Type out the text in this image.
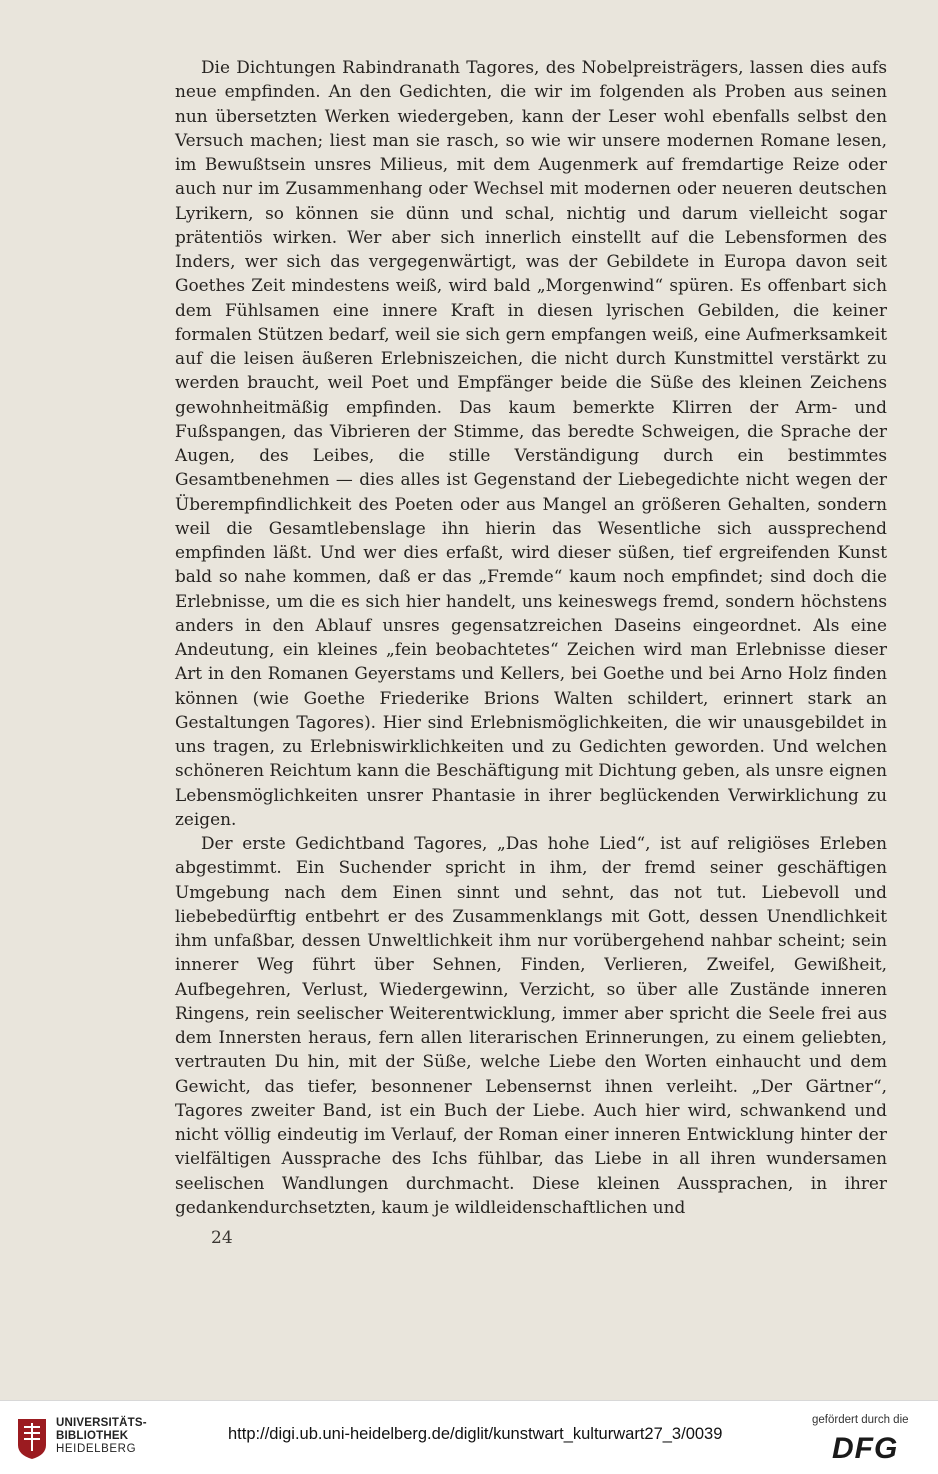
Die Dichtungen Rabindranath Tagores, des Nobelpreisträgers, lassen dies aufs neue empfinden. An den Gedichten, die wir im folgenden als Proben aus seinen nun übersetzten Werken wiedergeben, kann der Leser wohl ebenfalls selbst den Versuch machen; liest man sie rasch, so wie wir unsere modernen Romane lesen, im Bewußtsein unsres Milieus, mit dem Augenmerk auf fremdartige Reize oder auch nur im Zusammenhang oder Wechsel mit modernen oder neueren deutschen Lyrikern, so können sie dünn und schal, nichtig und darum vielleicht sogar prätentiös wirken. Wer aber sich innerlich einstellt auf die Lebensformen des Inders, wer sich das vergegenwärtigt, was der Gebildete in Europa davon seit Goethes Zeit mindestens weiß, wird bald „Morgenwind“ spüren. Es offenbart sich dem Fühlsamen eine innere Kraft in diesen lyrischen Gebilden, die keiner formalen Stützen bedarf, weil sie sich gern empfangen weiß, eine Aufmerksamkeit auf die leisen äußeren Erlebniszeichen, die nicht durch Kunstmittel verstärkt zu werden braucht, weil Poet und Empfänger beide die Süße des kleinen Zeichens gewohnheitmäßig empfinden. Das kaum bemerkte Klirren der Arm- und Fußspangen, das Vibrieren der Stimme, das beredte Schweigen, die Sprache der Augen, des Leibes, die stille Verständigung durch ein bestimmtes Gesamtbenehmen — dies alles ist Gegenstand der Liebegedichte nicht wegen der Überempfindlichkeit des Poeten oder aus Mangel an größeren Gehalten, sondern weil die Gesamtlebenslage ihn hierin das Wesentliche sich aussprechend empfinden läßt. Und wer dies erfaßt, wird dieser süßen, tief ergreifenden Kunst bald so nahe kommen, daß er das „Fremde“ kaum noch empfindet; sind doch die Erlebnisse, um die es sich hier handelt, uns keineswegs fremd, sondern höchstens anders in den Ablauf unsres gegensatzreichen Daseins eingeordnet. Als eine Andeutung, ein kleines „fein beobachtetes“ Zeichen wird man Erlebnisse dieser Art in den Romanen Geyerstams und Kellers, bei Goethe und bei Arno Holz finden können (wie Goethe Friederike Brions Walten schildert, erinnert stark an Gestaltungen Tagores). Hier sind Erlebnismöglichkeiten, die wir unausgebildet in uns tragen, zu Erlebniswirklichkeiten und zu Gedichten geworden. Und welchen schöneren Reichtum kann die Beschäftigung mit Dichtung geben, als unsre eignen Lebensmöglichkeiten unsrer Phantasie in ihrer beglückenden Verwirklichung zu zeigen.

Der erste Gedichtband Tagores, „Das hohe Lied“, ist auf religiöses Erleben abgestimmt. Ein Suchender spricht in ihm, der fremd seiner geschäftigen Umgebung nach dem Einen sinnt und sehnt, das not tut. Liebevoll und liebebedürftig entbehrt er des Zusammenklangs mit Gott, dessen Unendlichkeit ihm unfaßbar, dessen Unweltlichkeit ihm nur vorübergehend nahbar scheint; sein innerer Weg führt über Sehnen, Finden, Verlieren, Zweifel, Gewißheit, Aufbegehren, Verlust, Wiedergewinn, Verzicht, so über alle Zustände inneren Ringens, rein seelischer Weiterentwicklung, immer aber spricht die Seele frei aus dem Innersten heraus, fern allen literarischen Erinnerungen, zu einem geliebten, vertrauten Du hin, mit der Süße, welche Liebe den Worten einhaucht und dem Gewicht, das tiefer, besonnener Lebensernst ihnen verleiht. „Der Gärtner“, Tagores zweiter Band, ist ein Buch der Liebe. Auch hier wird, schwankend und nicht völlig eindeutig im Verlauf, der Roman einer inneren Entwicklung hinter der vielfältigen Aussprache des Ichs fühlbar, das Liebe in all ihren wundersamen seelischen Wandlungen durchmacht. Diese kleinen Aussprachen, in ihrer gedankendurchsetzten, kaum je wildleidenschaftlichen und

24
UNIVERSITÄTS-
BIBLIOTHEK
HEIDELBERG
http://digi.ub.uni-heidelberg.de/diglit/kunstwart_kulturwart27_3/0039
gefördert durch die
DFG
